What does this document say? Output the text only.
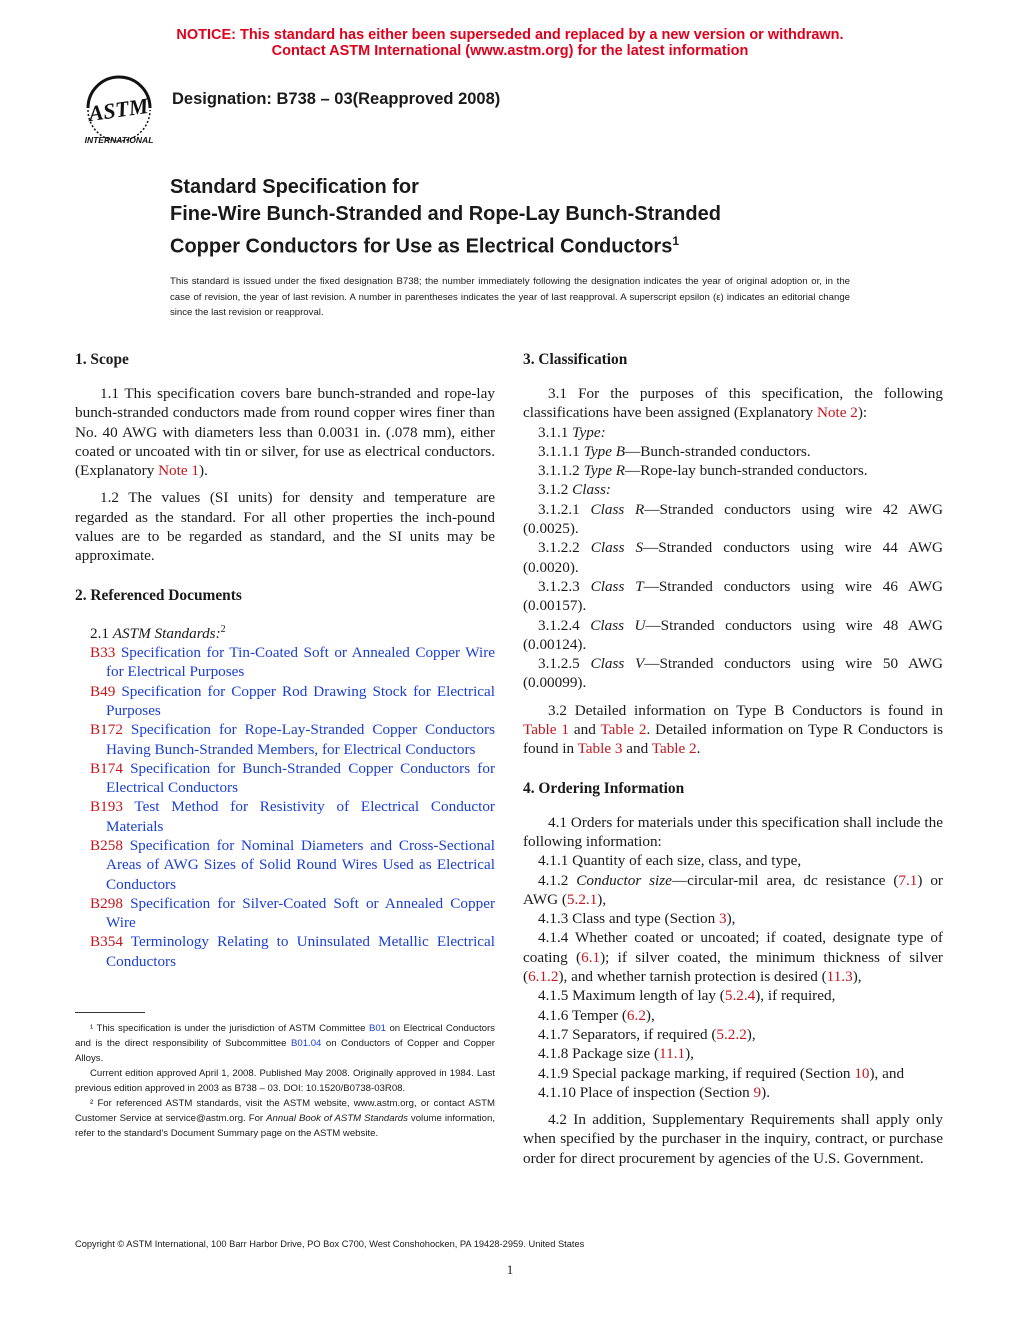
NOTICE: This standard has either been superseded and replaced by a new version or withdrawn.
Contact ASTM International (www.astm.org) for the latest information
ASTM
INTERNATIONAL
Designation: B738 – 03(Reapproved 2008)
Standard Specification for
Fine-Wire Bunch-Stranded and Rope-Lay Bunch-Stranded
Copper Conductors for Use as Electrical Conductors$^1$
This standard is issued under the fixed designation B738; the number immediately following the designation indicates the year of original adoption or, in the case of revision, the year of last revision. A number in parentheses indicates the year of last reapproval. A superscript epsilon (ε) indicates an editorial change since the last revision or reapproval.
1. Scope

1.1 This specification covers bare bunch-stranded and rope-lay bunch-stranded conductors made from round copper wires finer than No. 40 AWG with diameters less than 0.0031 in. (.078 mm), either coated or uncoated with tin or silver, for use as electrical conductors. (Explanatory Note 1).

1.2 The values (SI units) for density and temperature are regarded as the standard. For all other properties the inch-pound values are to be regarded as standard, and the SI units may be approximate.

2. Referenced Documents

2.1 ASTM Standards:$^2$

B33 Specification for Tin-Coated Soft or Annealed Copper Wire for Electrical Purposes

B49 Specification for Copper Rod Drawing Stock for Electrical Purposes

B172 Specification for Rope-Lay-Stranded Copper Conductors Having Bunch-Stranded Members, for Electrical Conductors

B174 Specification for Bunch-Stranded Copper Conductors for Electrical Conductors

B193 Test Method for Resistivity of Electrical Conductor Materials

B258 Specification for Nominal Diameters and Cross-Sectional Areas of AWG Sizes of Solid Round Wires Used as Electrical Conductors

B298 Specification for Silver-Coated Soft or Annealed Copper Wire

B354 Terminology Relating to Uninsulated Metallic Electrical Conductors

¹ This specification is under the jurisdiction of ASTM Committee B01 on Electrical Conductors and is the direct responsibility of Subcommittee B01.04 on Conductors of Copper and Copper Alloys.

Current edition approved April 1, 2008. Published May 2008. Originally approved in 1984. Last previous edition approved in 2003 as B738 – 03. DOI: 10.1520/B0738-03R08.

² For referenced ASTM standards, visit the ASTM website, www.astm.org, or contact ASTM Customer Service at service@astm.org. For Annual Book of ASTM Standards volume information, refer to the standard's Document Summary page on the ASTM website.

3. Classification

3.1 For the purposes of this specification, the following classifications have been assigned (Explanatory Note 2):

3.1.1 Type:

3.1.1.1 Type B—Bunch-stranded conductors.

3.1.1.2 Type R—Rope-lay bunch-stranded conductors.

3.1.2 Class:

3.1.2.1 Class R—Stranded conductors using wire 42 AWG (0.0025).

3.1.2.2 Class S—Stranded conductors using wire 44 AWG (0.0020).

3.1.2.3 Class T—Stranded conductors using wire 46 AWG (0.00157).

3.1.2.4 Class U—Stranded conductors using wire 48 AWG (0.00124).

3.1.2.5 Class V—Stranded conductors using wire 50 AWG (0.00099).

3.2 Detailed information on Type B Conductors is found in Table 1 and Table 2. Detailed information on Type R Conductors is found in Table 3 and Table 2.

4. Ordering Information

4.1 Orders for materials under this specification shall include the following information:

4.1.1 Quantity of each size, class, and type,

4.1.2 Conductor size—circular-mil area, dc resistance (7.1) or AWG (5.2.1),

4.1.3 Class and type (Section 3),

4.1.4 Whether coated or uncoated; if coated, designate type of coating (6.1); if silver coated, the minimum thickness of silver (6.1.2), and whether tarnish protection is desired (11.3),

4.1.5 Maximum length of lay (5.2.4), if required,

4.1.6 Temper (6.2),

4.1.7 Separators, if required (5.2.2),

4.1.8 Package size (11.1),

4.1.9 Special package marking, if required (Section 10), and

4.1.10 Place of inspection (Section 9).

4.2 In addition, Supplementary Requirements shall apply only when specified by the purchaser in the inquiry, contract, or purchase order for direct procurement by agencies of the U.S. Government.

Copyright © ASTM International, 100 Barr Harbor Drive, PO Box C700, West Conshohocken, PA 19428-2959. United States
1
